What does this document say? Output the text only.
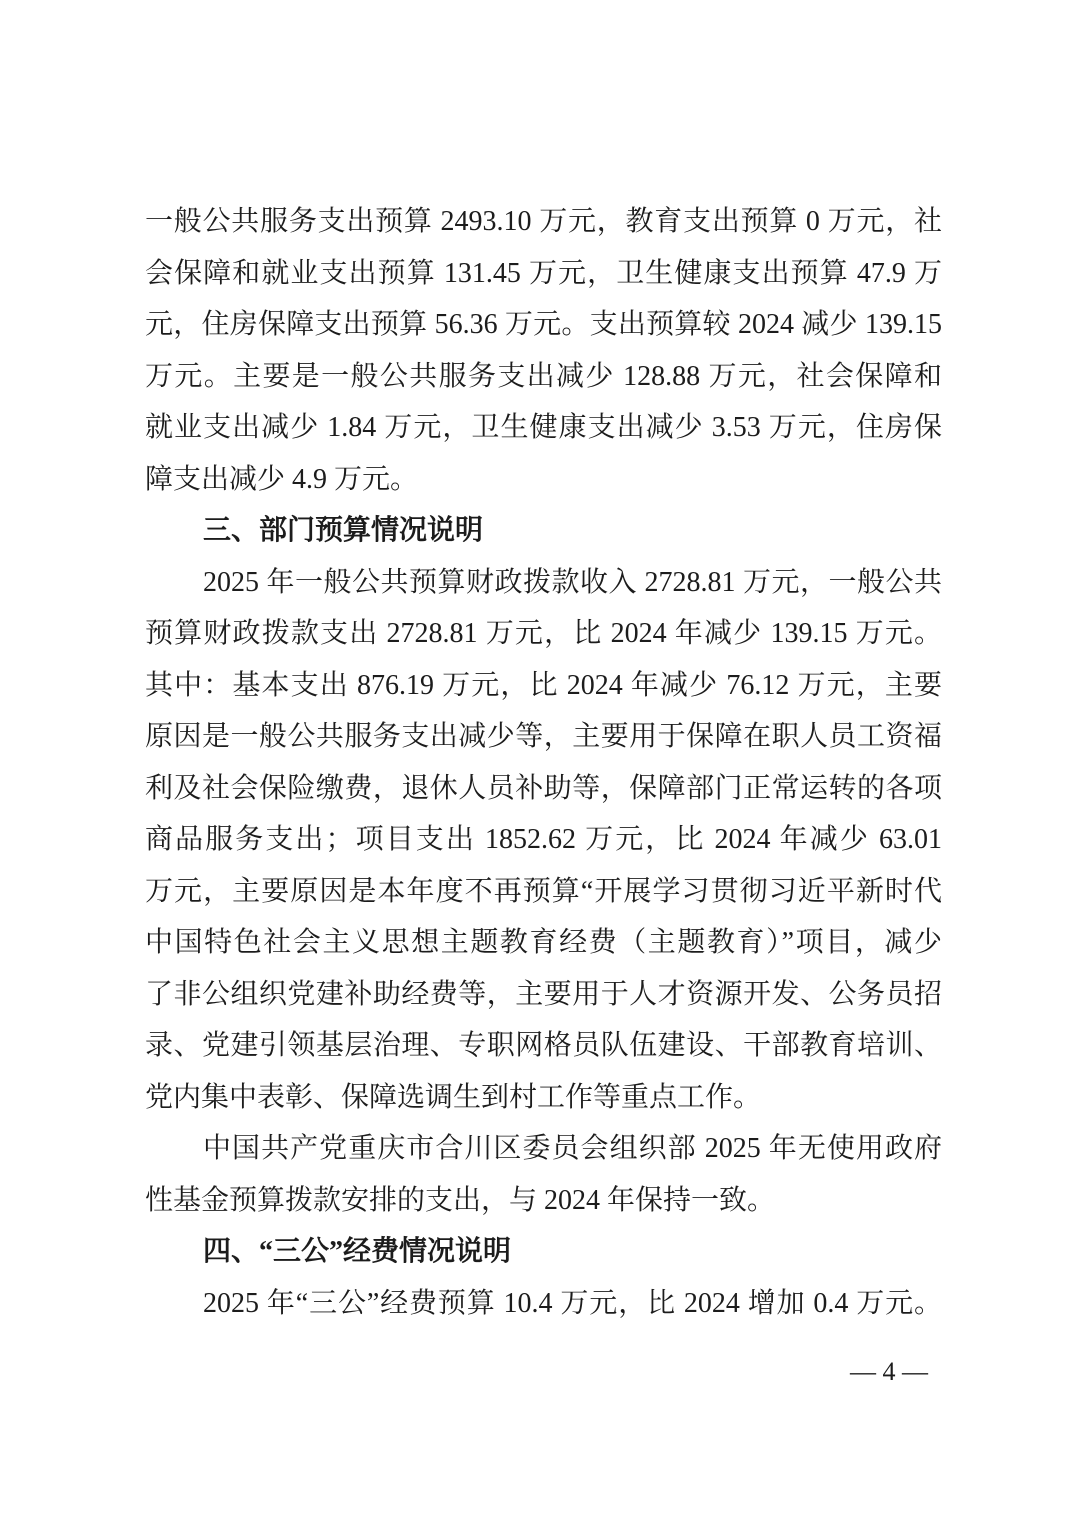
一般公共服务支出预算 2493.10 万元，教育支出预算 0 万元，社
会保障和就业支出预算 131.45 万元，卫生健康支出预算 47.9 万
元，住房保障支出预算 56.36 万元。支出预算较 2024 减少 139.15
万元。主要是一般公共服务支出减少 128.88 万元，社会保障和
就业支出减少 1.84 万元，卫生健康支出减少 3.53 万元，住房保
障支出减少 4.9 万元。
三、部门预算情况说明
2025 年一般公共预算财政拨款收入 2728.81 万元，一般公共
预算财政拨款支出 2728.81 万元，比 2024 年减少 139.15 万元。
其中：基本支出 876.19 万元，比 2024 年减少 76.12 万元，主要
原因是一般公共服务支出减少等，主要用于保障在职人员工资福
利及社会保险缴费，退休人员补助等，保障部门正常运转的各项
商品服务支出；项目支出 1852.62 万元，比 2024 年减少 63.01
万元，主要原因是本年度不再预算“开展学习贯彻习近平新时代
中国特色社会主义思想主题教育经费（主题教育）”项目，减少
了非公组织党建补助经费等，主要用于人才资源开发、公务员招
录、党建引领基层治理、专职网格员队伍建设、干部教育培训、
党内集中表彰、保障选调生到村工作等重点工作。
中国共产党重庆市合川区委员会组织部 2025 年无使用政府
性基金预算拨款安排的支出，与 2024 年保持一致。
四、“三公”经费情况说明
2025 年“三公”经费预算 10.4 万元，比 2024 增加 0.4 万元。
— 4 —
